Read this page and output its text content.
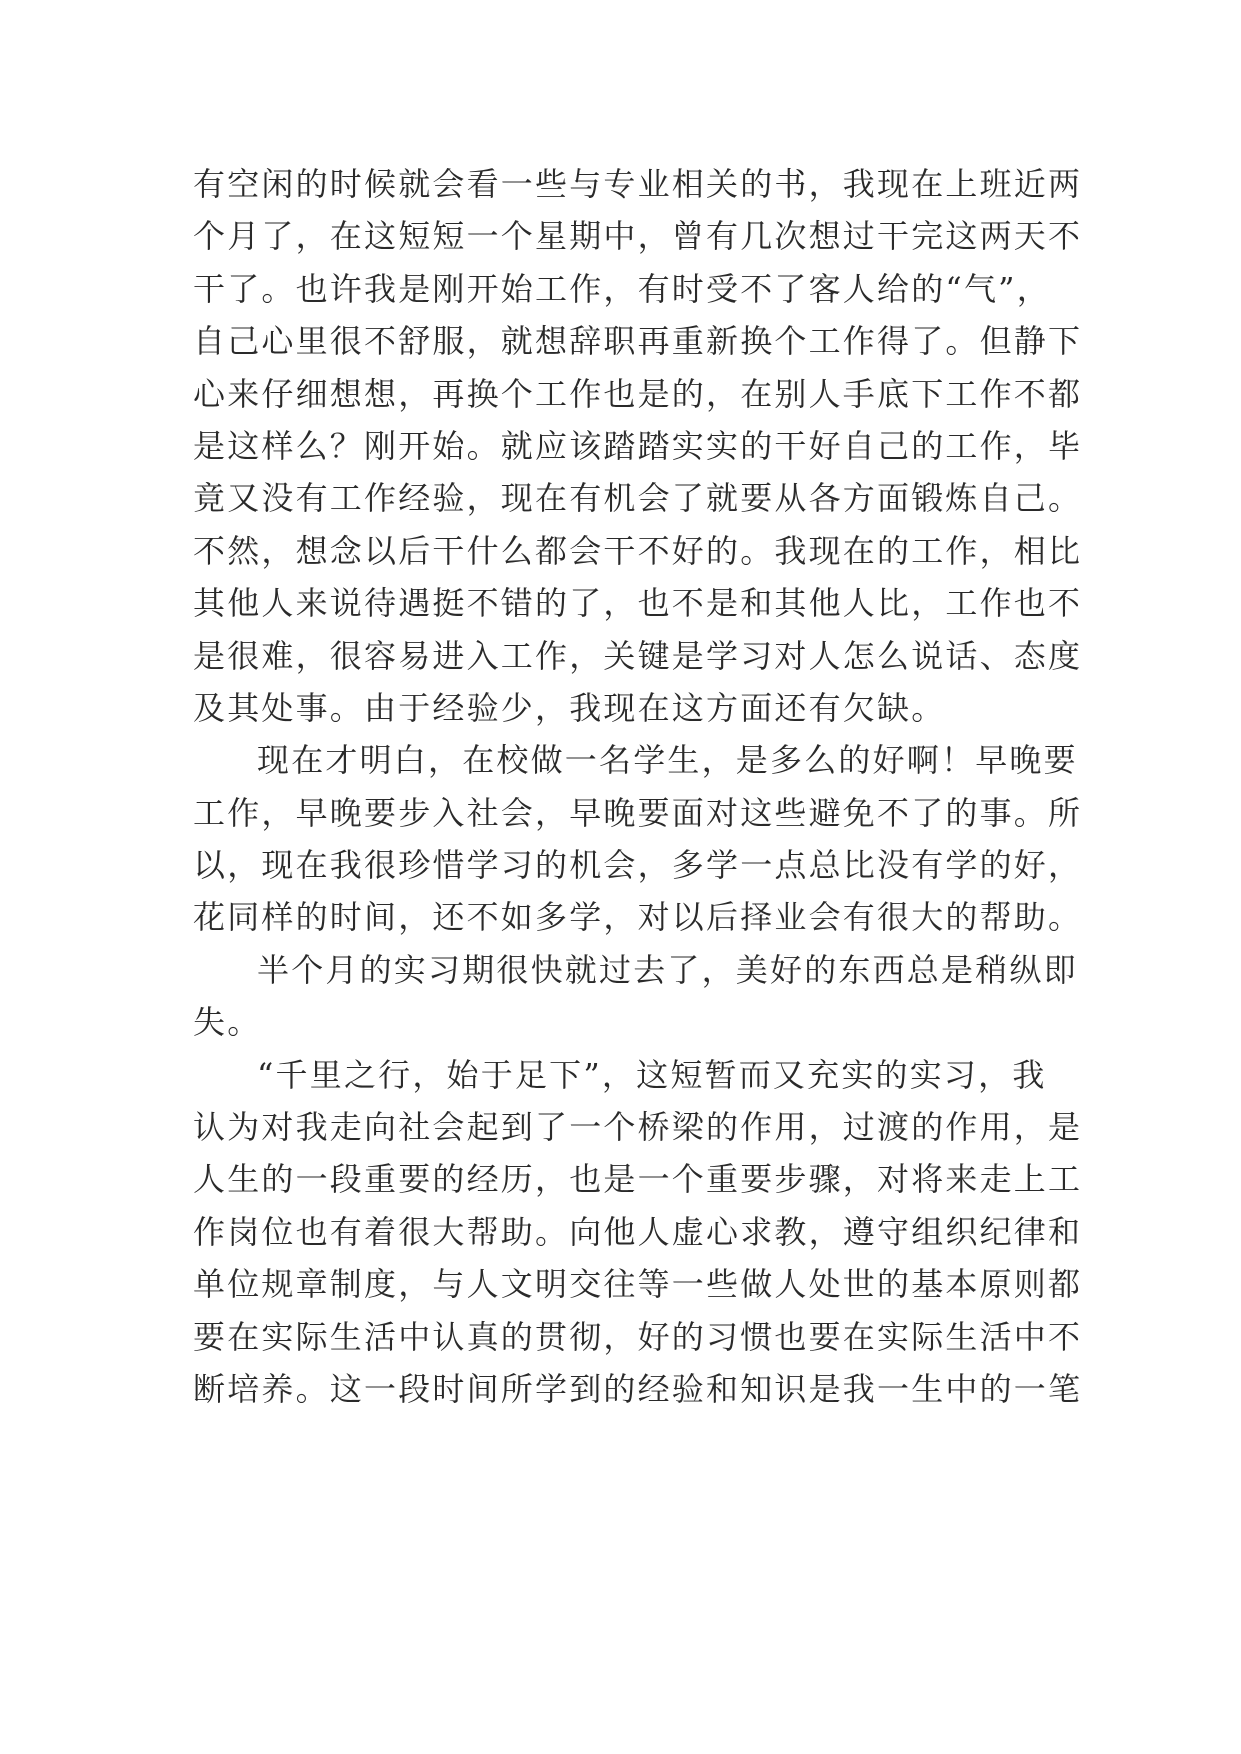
有空闲的时候就会看一些与专业相关的书，我现在上班近两
个月了，在这短短一个星期中，曾有几次想过干完这两天不
干了。也许我是刚开始工作，有时受不了客人给的“气”，
自己心里很不舒服，就想辞职再重新换个工作得了。但静下
心来仔细想想，再换个工作也是的，在别人手底下工作不都
是这样么？刚开始。就应该踏踏实实的干好自己的工作，毕
竟又没有工作经验，现在有机会了就要从各方面锻炼自己。
不然，想念以后干什么都会干不好的。我现在的工作，相比
其他人来说待遇挺不错的了，也不是和其他人比，工作也不
是很难，很容易进入工作，关键是学习对人怎么说话、态度
及其处事。由于经验少，我现在这方面还有欠缺。
现在才明白，在校做一名学生，是多么的好啊！早晚要
工作，早晚要步入社会，早晚要面对这些避免不了的事。所
以，现在我很珍惜学习的机会，多学一点总比没有学的好，
花同样的时间，还不如多学，对以后择业会有很大的帮助。
半个月的实习期很快就过去了，美好的东西总是稍纵即
失。
“千里之行，始于足下”，这短暂而又充实的实习，我
认为对我走向社会起到了一个桥梁的作用，过渡的作用，是
人生的一段重要的经历，也是一个重要步骤，对将来走上工
作岗位也有着很大帮助。向他人虚心求教，遵守组织纪律和
单位规章制度，与人文明交往等一些做人处世的基本原则都
要在实际生活中认真的贯彻，好的习惯也要在实际生活中不
断培养。这一段时间所学到的经验和知识是我一生中的一笔
